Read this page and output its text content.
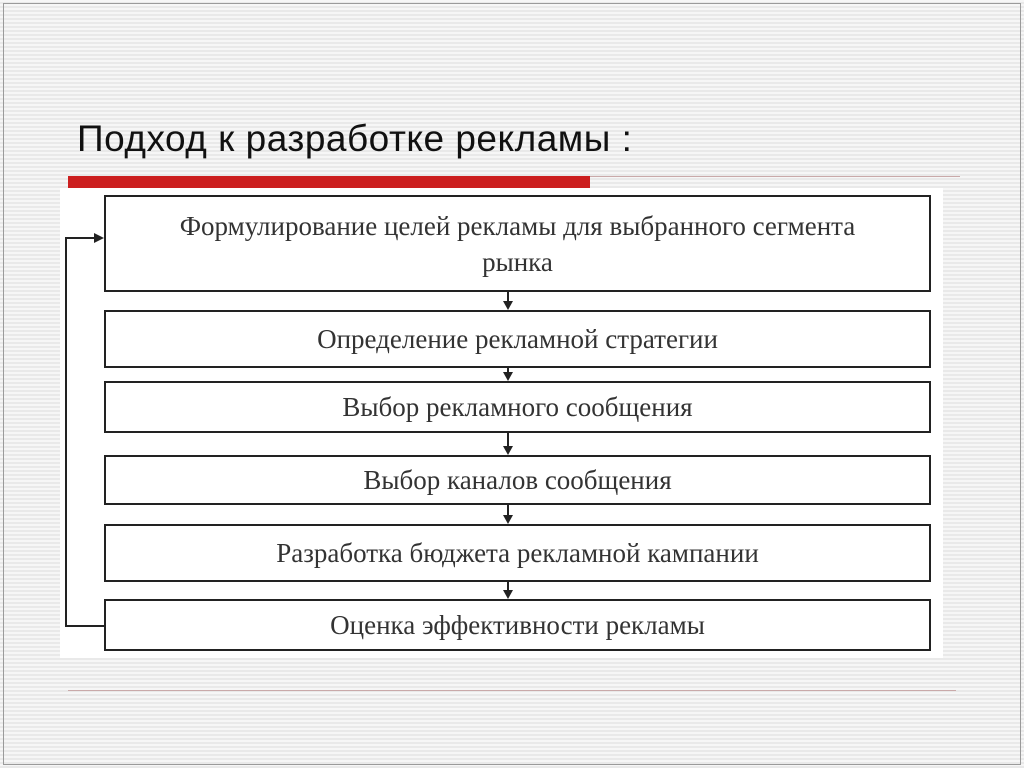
Подход к разработке рекламы :
Формулирование целей рекламы для выбранного сегмента рынка
Определение рекламной стратегии
Выбор рекламного сообщения
Выбор каналов сообщения
Разработка бюджета рекламной кампании
Оценка эффективности рекламы
